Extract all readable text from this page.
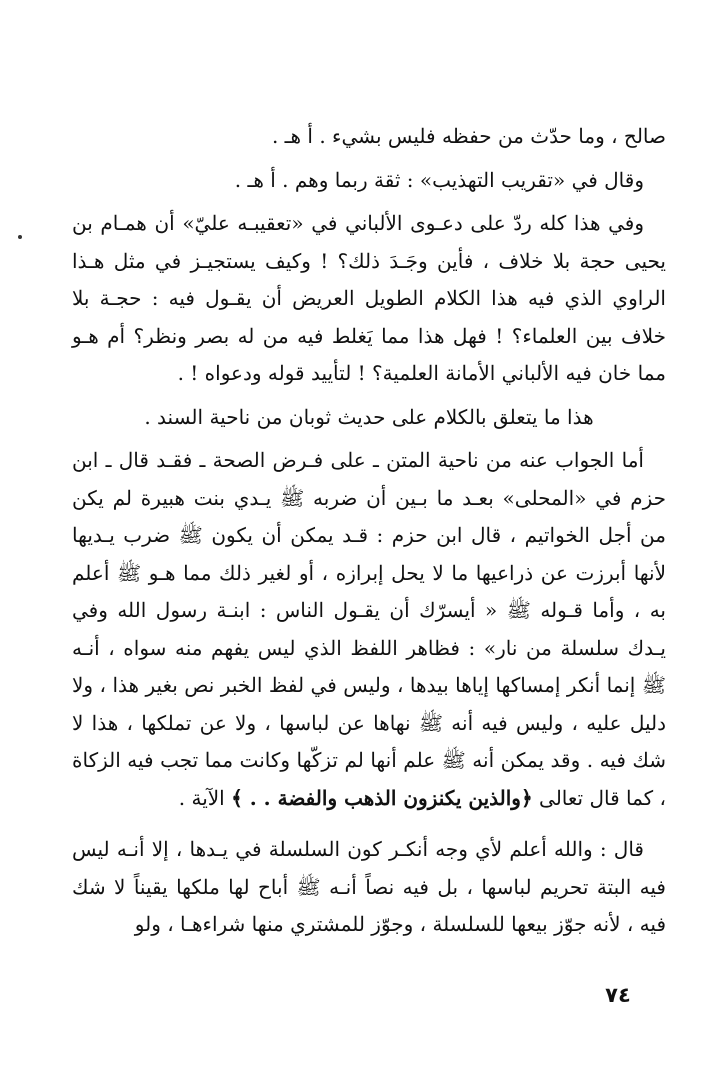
صالح ، وما حدّث من حفظه فليس بشيء . أ هـ .

وقال في «تقريب التهذيب» : ثقة ربما وهم . أ هـ .

وفي هذا كله ردّ على دعـوى الألباني في «تعقيبـه عليّ» أن همـام بن يحيى حجة بلا خلاف ، فأين وجَـدَ ذلك؟ ! وكيف يستجيـز في مثل هـذا الراوي الذي فيه هذا الكلام الطويل العريض أن يقـول فيه : حجـة بلا خلاف بين العلماء؟ ! فهل هذا مما يَغلط فيه من له بصر ونظر؟ أم هـو مما خان فيه الألباني الأمانة العلمية؟ ! لتأييد قوله ودعواه ! .

هذا ما يتعلق بالكلام على حديث ثوبان من ناحية السند .

أما الجواب عنه من ناحية المتن ـ على فـرض الصحة ـ فقـد قال ـ ابن حزم في «المحلى» بعـد ما بـين أن ضربه ﷺ يـدي بنت هبيرة لم يكن من أجل الخواتيم ، قال ابن حزم : قـد يمكن أن يكون ﷺ ضرب يـديها لأنها أبرزت عن ذراعيها ما لا يحل إبرازه ، أو لغير ذلك مما هـو ﷺ أعلم به ، وأما قـوله ﷺ « أيسرّك أن يقـول الناس : ابنـة رسول الله وفي يـدك سلسلة من نار» : فظاهر اللفظ الذي ليس يفهم منه سواه ، أنـه ﷺ إنما أنكر إمساكها إياها بيدها ، وليس في لفظ الخبر نص بغير هذا ، ولا دليل عليه ، وليس فيه أنه ﷺ نهاها عن لباسها ، ولا عن تملكها ، هذا لا شك فيه . وقد يمكن أنه ﷺ علم أنها لم تزكّها وكانت مما تجب فيه الزكاة ، كما قال تعالى ﴿والذين يكنزون الذهب والفضة . . ﴾ الآية .

قال : والله أعلم لأي وجه أنكـر كون السلسلة في يـدها ، إلا أنـه ليس فيه البتة تحريم لباسها ، بل فيه نصاً أنـه ﷺ أباح لها ملكها يقيناً لا شك فيه ، لأنه جوّز بيعها للسلسلة ، وجوّز للمشتري منها شراءهـا ، ولو

٧٤
